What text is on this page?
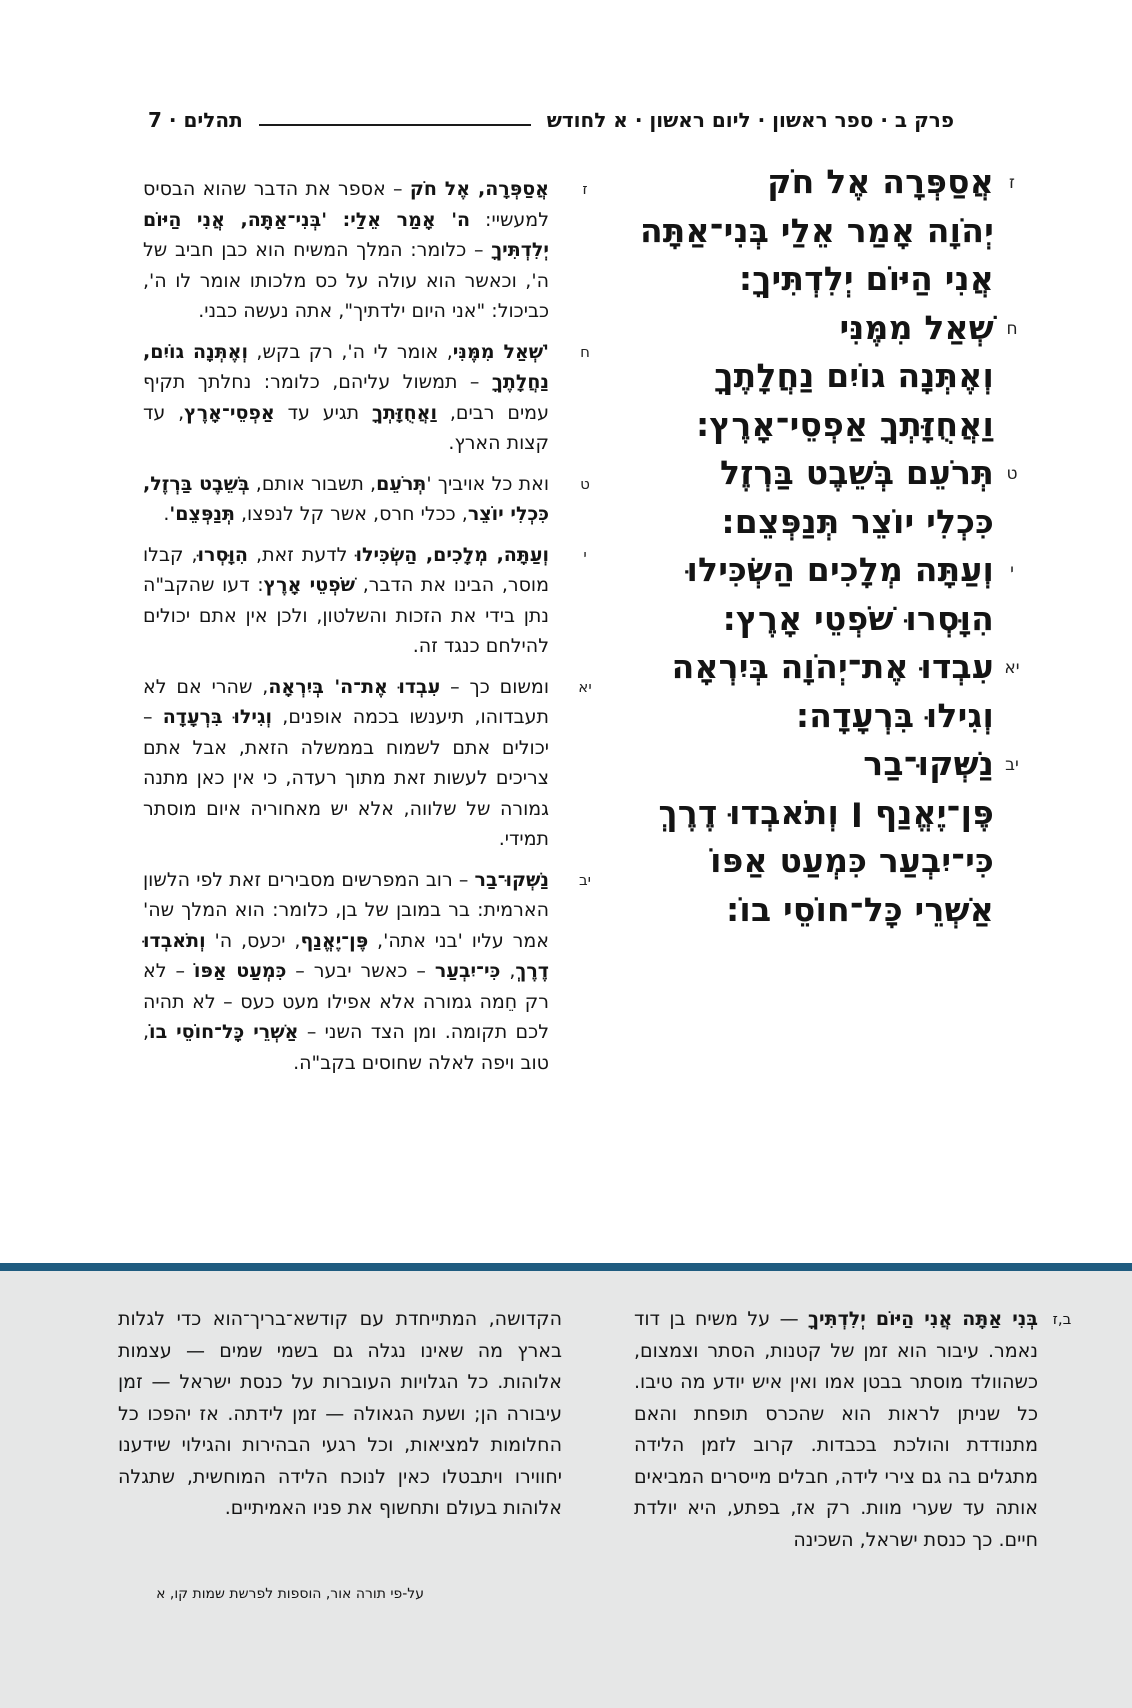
פרק ב · ספר ראשון · ליום ראשון · א לחודש
תהלים · 7
ז
אֲסַפְּרָה אֶל חֹק
יְהֹוָה אָמַר אֵלַי בְּנִי־אַתָּה
אֲנִי הַיּוֹם יְלִדְתִּיךָ:
ח
שְׁאַל מִמֶּנִּי
וְאֶתְּנָה גוֹיִם נַחֲלָתֶךָ
וַאֲחֻזָּתְךָ אַפְסֵי־אָרֶץ:
ט
תְּרֹעֵם בְּשֵׁבֶט בַּרְזֶל
כִּכְלִי יוֹצֵר תְּנַפְּצֵם:
י
וְעַתָּה מְלָכִים הַשְׂכִּילוּ
הִוָּסְרוּ שֹׁפְטֵי אָרֶץ:
יא
עִבְדוּ אֶת־יְהֹוָה בְּיִרְאָה
וְגִילוּ בִּרְעָדָה:
יב
נַשְּׁקוּ־בַר
פֶּן־יֶאֱנַף ׀ וְתֹאבְדוּ דֶרֶךְ
כִּי־יִבְעַר כִּמְעַט אַפּוֹ
אַשְׁרֵי כָּל־חוֹסֵי בוֹ:
ז

אֲסַפְּרָה, אֶל חֹק – אספר את הדבר שהוא הבסיס למעשיי: ה' אָמַר אֵלַי: 'בְּנִי־אַתָּה, אֲנִי הַיּוֹם יְלִדְתִּיךָ – כלומר: המלך המשיח הוא כבן חביב של ה', וכאשר הוא עולה על כס מלכותו אומר לו ה', כביכול: "אני היום ילדתיך", אתה נעשה כבני.

ח

'שְׁאַל מִמֶּנִּי, אומר לי ה', רק בקש, וְאֶתְּנָה גוֹיִם, נַחֲלָתֶךָ – תמשול עליהם, כלומר: נחלתך תקיף עמים רבים, וַאֲחֻזָּתְךָ תגיע עד אַפְסֵי־אָרֶץ, עד קצות הארץ.

ט

ואת כל אויביך 'תְּרֹעֵם, תשבור אותם, בְּשֵׁבֶט בַּרְזֶל, כִּכְלִי יוֹצֵר, ככלי חרס, אשר קל לנפצו, תְּנַפְּצֵם'.

י

וְעַתָּה, מְלָכִים, הַשְׂכִּילוּ לדעת זאת, הִוָּסְרוּ, קבלו מוסר, הבינו את הדבר, שֹׁפְטֵי אָרֶץ: דעו שהקב"ה נתן בידי את הזכות והשלטון, ולכן אין אתם יכולים להילחם כנגד זה.

יא

ומשום כך – עִבְדוּ אֶת־ה' בְּיִרְאָה, שהרי אם לא תעבדוהו, תיענשו בכמה אופנים, וְגִילוּ בִּרְעָדָה – יכולים אתם לשמוח בממשלה הזאת, אבל אתם צריכים לעשות זאת מתוך רעדה, כי אין כאן מתנה גמורה של שלווה, אלא יש מאחוריה איום מוסתר תמידי.

יב

נַשְּׁקוּ־בַר – רוב המפרשים מסבירים זאת לפי הלשון הארמית: בר במובן של בן, כלומר: הוא המלך שה' אמר עליו 'בני אתה', פֶּן־יֶאֱנַף, יכעס, ה' וְתֹאבְדוּ דֶרֶךְ, כִּי־יִבְעַר – כאשר יבער – כִּמְעַט אַפּוֹ – לא רק חֵמה גמורה אלא אפילו מעט כעס – לא תהיה לכם תקומה. ומן הצד השני – אַשְׁרֵי כָּל־חוֹסֵי בוֹ, טוב ויפה לאלה שחוסים בקב"ה.

ב,ז

בְּנִי אַתָּה אֲנִי הַיּוֹם יְלִדְתִּיךָ — על משיח בן דוד נאמר. עיבור הוא זמן של קטנות, הסתר וצמצום, כשהוולד מוסתר בבטן אמו ואין איש יודע מה טיבו. כל שניתן לראות הוא שהכרס תופחת והאם מתנודדת והולכת בכבדות. קרוב לזמן הלידה מתגלים בה גם צירי לידה, חבלים מייסרים המביאים אותה עד שערי מוות. רק אז, בפתע, היא יולדת חיים. כך כנסת ישראל, השכינה

הקדושה, המתייחדת עם קודשא־בריך־הוא כדי לגלות בארץ מה שאינו נגלה גם בשמי שמים — עצמות אלוהות. כל הגלויות העוברות על כנסת ישראל — זמן עיבורה הן; ושעת הגאולה — זמן לידתה. אז יהפכו כל החלומות למציאות, וכל רגעי הבהירות והגילוי שידענו יחווירו ויתבטלו כאין לנוכח הלידה המוחשית, שתגלה אלוהות בעולם ותחשוף את פניו האמיתיים.

על-פי תורה אור, הוספות לפרשת שמות קו, א
